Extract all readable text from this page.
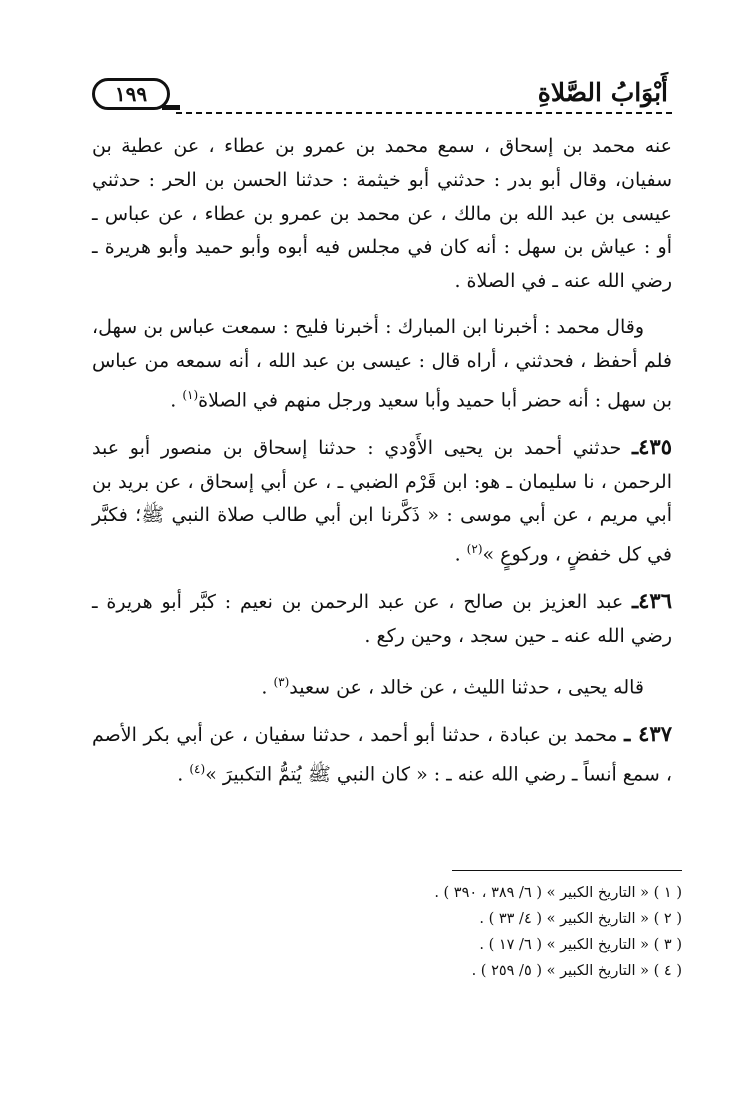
١٩٩	أَبْوَابُ الصَّلاةِ

عنه محمد بن إسحاق ، سمع محمد بن عمرو بن عطاء ، عن عطية بن سفيان، وقال أبو بدر : حدثني أبو خيثمة : حدثنا الحسن بن الحر : حدثني عيسى بن عبد الله بن مالك ، عن محمد بن عمرو بن عطاء ، عن عباس ـ أو : عياش بن سهل : أنه كان في مجلس فيه أبوه وأبو حميد وأبو هريرة ـ رضي الله عنه ـ في الصلاة .

وقال محمد : أخبرنا ابن المبارك : أخبرنا فليح : سمعت عباس بن سهل، فلم أحفظ ، فحدثني ، أراه قال : عيسى بن عبد الله ، أنه سمعه من عباس بن سهل : أنه حضر أبا حميد وأبا سعيد ورجل منهم في الصلاة$^{(١)}$ .

٤٣٥ـ حدثني أحمد بن يحيى الأَوْدي : حدثنا إسحاق بن منصور أبو عبد الرحمن ، نا سليمان ـ هو: ابن قَرْم الضبي ـ ، عن أبي إسحاق ، عن بريد بن أبي مريم ، عن أبي موسى : « ذَكَّرنا ابن أبي طالب صلاة النبي ﷺ؛ فكبَّر في كل خفضٍ ، وركوعٍ »$^{(٢)}$ .

٤٣٦ـ عبد العزيز بن صالح ، عن عبد الرحمن بن نعيم : كبَّر أبو هريرة ـ رضي الله عنه ـ حين سجد ، وحين ركع .

قاله يحيى ، حدثنا الليث ، عن خالد ، عن سعيد$^{(٣)}$ .

٤٣٧ ـ محمد بن عبادة ، حدثنا أبو أحمد ، حدثنا سفيان ، عن أبي بكر الأصم ، سمع أنساً ـ رضي الله عنه ـ : « كان النبي ﷺ يُتمُّ التكبيرَ »$^{(٤)}$ .

( ١ ) « التاريخ الكبير » ( ٦/ ٣٨٩ ، ٣٩٠ ) .
( ٢ ) « التاريخ الكبير » ( ٤/ ٣٣ ) .
( ٣ ) « التاريخ الكبير » ( ٦/ ١٧ ) .
( ٤ ) « التاريخ الكبير » ( ٥/ ٢٥٩ ) .
